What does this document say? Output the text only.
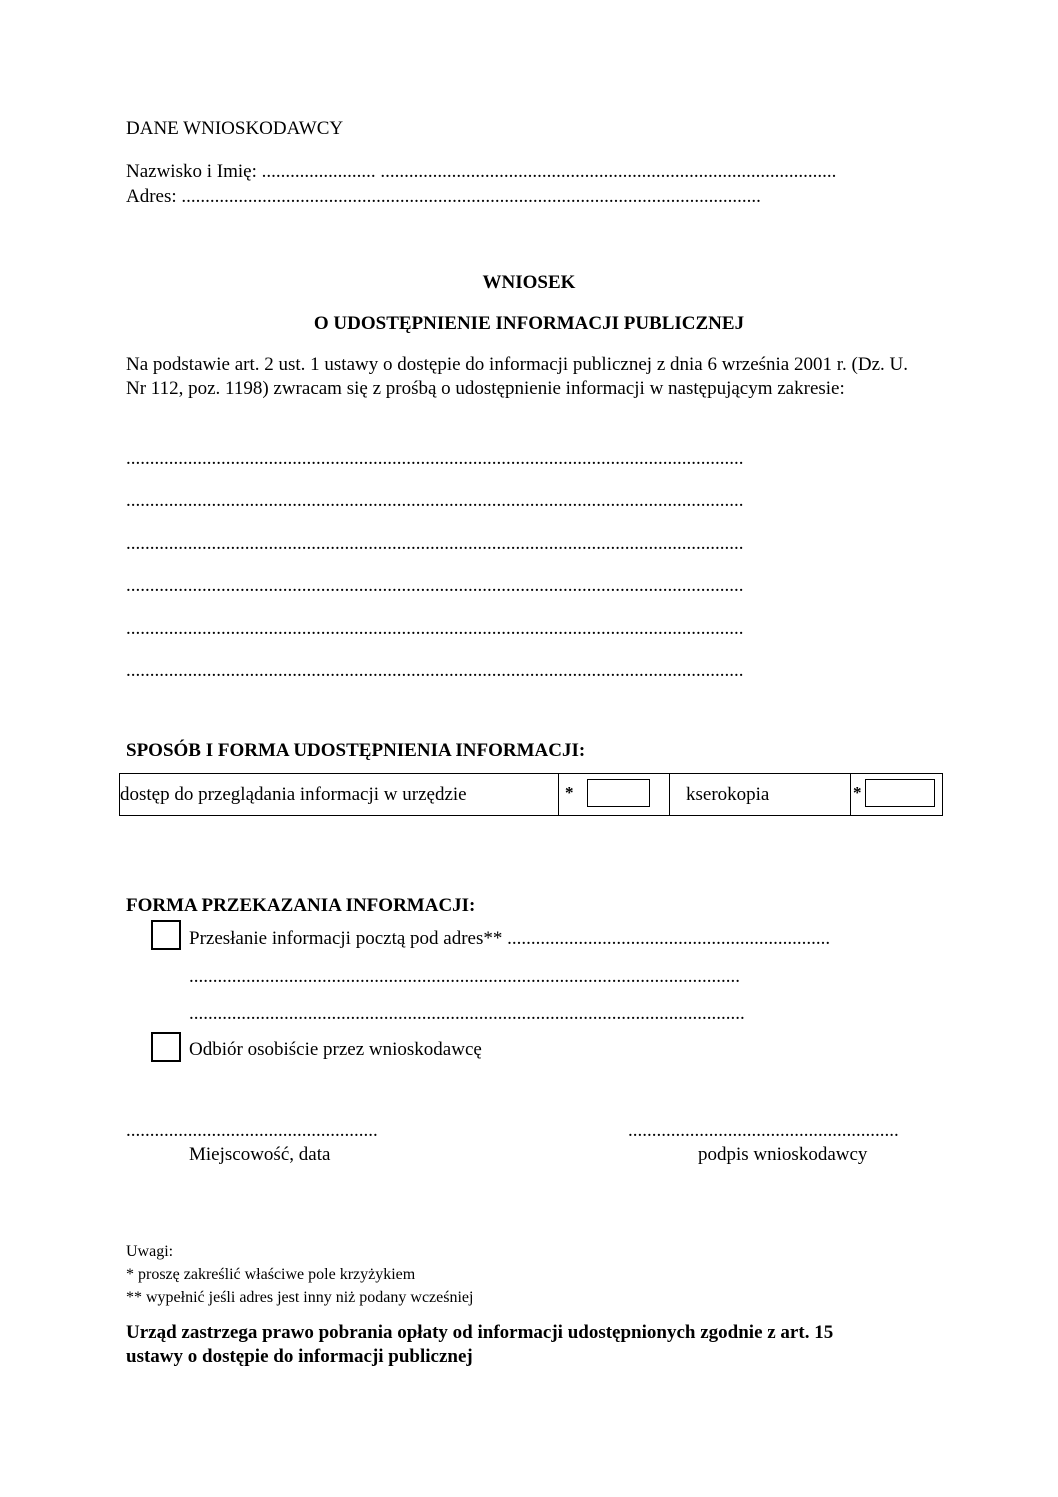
DANE WNIOSKODAWCY
Nazwisko i Imię: ........................ ................................................................................................
Adres: ..........................................................................................................................
WNIOSEK
O UDOSTĘPNIENIE INFORMACJI PUBLICZNEJ
Na podstawie art. 2 ust. 1 ustawy o dostępie do informacji publicznej z dnia 6 września 2001 r. (Dz. U. Nr 112, poz. 1198) zwracam się z prośbą o udostępnienie informacji w następującym zakresie:
..................................................................................................................................
..................................................................................................................................
..................................................................................................................................
..................................................................................................................................
..................................................................................................................................
..................................................................................................................................
SPOSÓB I FORMA UDOSTĘPNIENIA INFORMACJI:
dostęp do przeglądania informacji w urzędzie	*	kserokopia	*
FORMA PRZEKAZANIA INFORMACJI:
Przesłanie informacji pocztą pod adres** ....................................................................
....................................................................................................................
.....................................................................................................................
Odbiór osobiście przez wnioskodawcę
.....................................................
Miejscowość, data
.........................................................
podpis wnioskodawcy
Uwagi:
* proszę zakreślić właściwe pole krzyżykiem
** wypełnić jeśli adres jest inny niż podany wcześniej
Urząd zastrzega prawo pobrania opłaty od informacji udostępnionych zgodnie z art. 15
ustawy o dostępie do informacji publicznej
